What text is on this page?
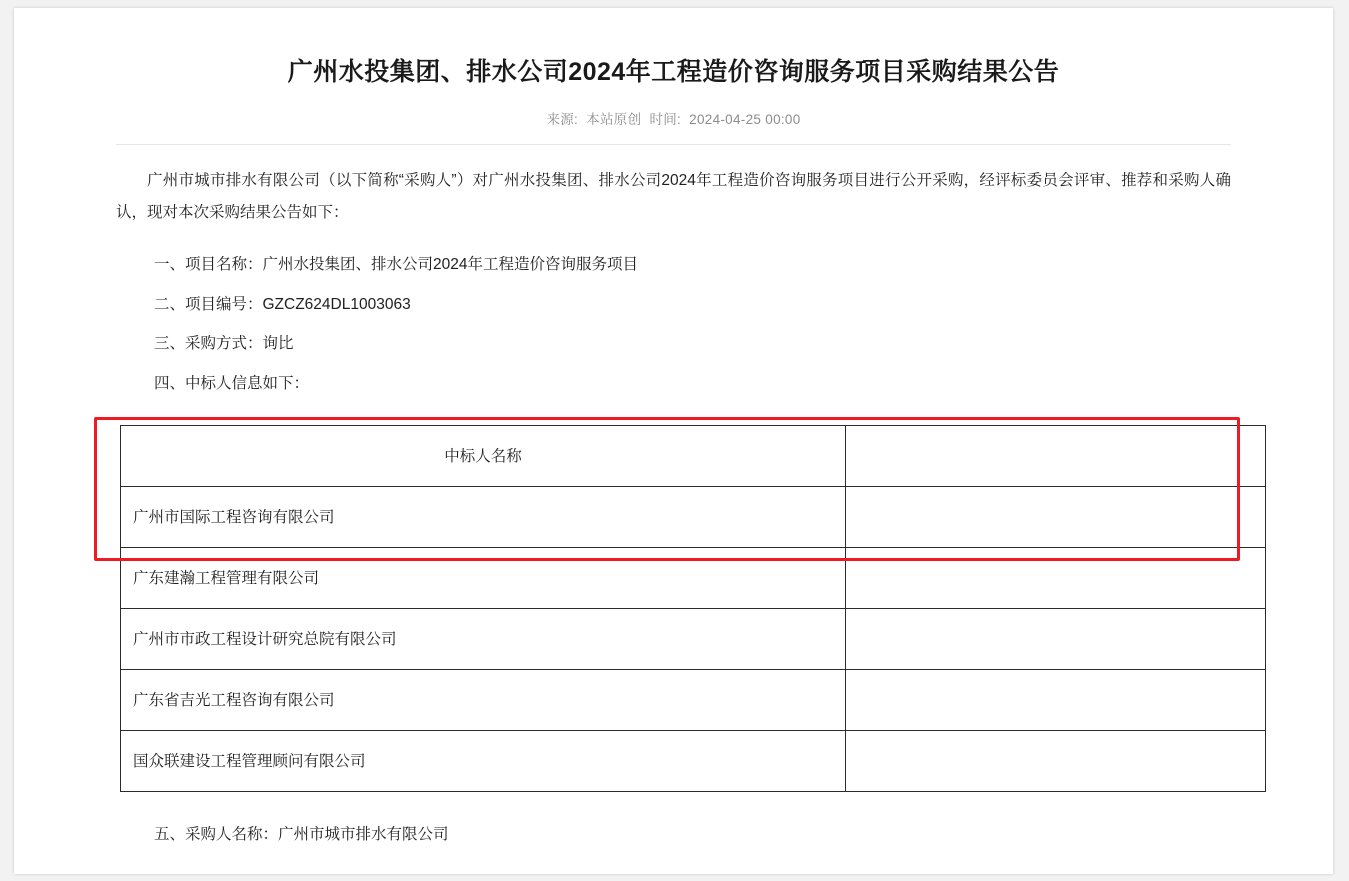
广州水投集团、排水公司2024年工程造价咨询服务项目采购结果公告
来源: 本站原创 时间: 2024-04-25 00:00

广州市城市排水有限公司（以下简称“采购人”）对广州水投集团、排水公司2024年工程造价咨询服务项目进行公开采购，经评标委员会评审、推荐和采购人确认，现对本次采购结果公告如下：

一、项目名称：广州水投集团、排水公司2024年工程造价咨询服务项目
二、项目编号：GZCZ624DL1003063
三、采购方式：询比
四、中标人信息如下：
中标人名称	
广州市国际工程咨询有限公司	
广东建瀚工程管理有限公司	
广州市市政工程设计研究总院有限公司	
广东省吉光工程咨询有限公司	
国众联建设工程管理顾问有限公司	
五、采购人名称：广州市城市排水有限公司
